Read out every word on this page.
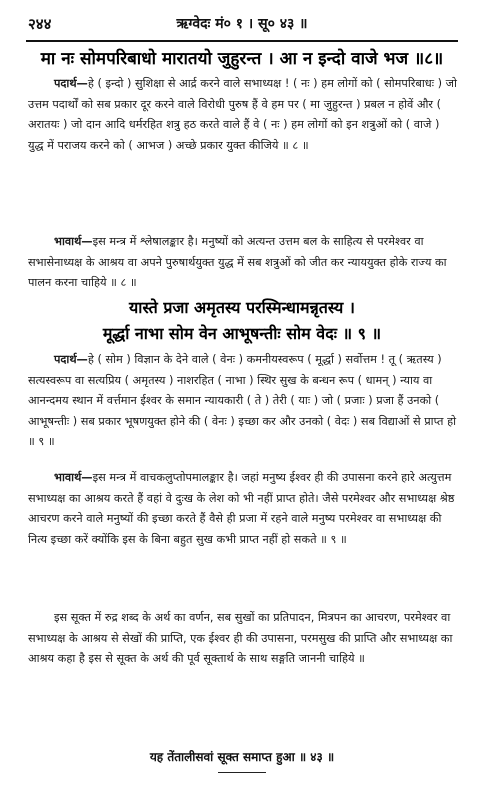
२४४	ऋग्वेदः मं० १ । सू० ४३ ॥
मा नः सोमपरिबाधो मारातयो जुहुरन्त । आ न इन्दो वाजे भज ॥८॥
पदार्थ—हे ( इन्दो ) सुशिक्षा से आर्द्र करने वाले सभाध्यक्ष ! ( नः ) हम लोगों को ( सोमपरिबाधः ) जो उत्तम पदार्थों को सब प्रकार दूर करने वाले विरोधी पुरुष हैं वे हम पर ( मा जुहुरन्त ) प्रबल न होवें और ( अरातयः ) जो दान आदि धर्मरहित शत्रु हठ करते वाले हैं वे ( नः ) हम लोगों को इन शत्रुओं को ( वाजे ) युद्ध में पराजय करने को ( आभज ) अच्छे प्रकार युक्त कीजिये ॥ ८ ॥
भावार्थ—इस मन्त्र में श्लेषालङ्कार है। मनुष्यों को अत्यन्त उत्तम बल के साहित्य से परमेश्वर वा सभासेनाध्यक्ष के आश्रय वा अपने पुरुषार्थयुक्त युद्ध में सब शत्रुओं को जीत कर न्याययुक्त होके राज्य का पालन करना चाहिये ॥ ८ ॥
यास्ते प्रजा अमृतस्य परस्मिन्धामन्नृतस्य ।
मूर्द्धा नाभा सोम वेन आभूषन्तीः सोम वेदः ॥ ९ ॥
पदार्थ—हे ( सोम ) विज्ञान के देने वाले ( वेनः ) कमनीयस्वरूप ( मूर्द्धा ) सर्वोत्तम ! तू ( ऋतस्य ) सत्यस्वरूप वा सत्यप्रिय ( अमृतस्य ) नाशरहित ( नाभा ) स्थिर सुख के बन्धन रूप ( धामन् ) न्याय वा आनन्दमय स्थान में वर्त्तमान ईश्वर के समान न्यायकारी ( ते ) तेरी ( याः ) जो ( प्रजाः ) प्रजा हैं उनको ( आभूषन्तीः ) सब प्रकार भूषणयुक्त होने की ( वेनः ) इच्छा कर और उनको ( वेदः ) सब विद्याओं से प्राप्त हो ॥ ९ ॥
भावार्थ—इस मन्त्र में वाचकलुप्तोपमालङ्कार है। जहां मनुष्य ईश्वर ही की उपासना करने हारे अत्युत्तम सभाध्यक्ष का आश्रय करते हैं वहां वे दुःख के लेश को भी नहीं प्राप्त होते। जैसे परमेश्वर और सभाध्यक्ष श्रेष्ठ आचरण करने वाले मनुष्यों की इच्छा करते हैं वैसे ही प्रजा में रहने वाले मनुष्य परमेश्वर वा सभाध्यक्ष की नित्य इच्छा करें क्योंकि इस के बिना बहुत सुख कभी प्राप्त नहीं हो सकते ॥ ९ ॥
इस सूक्त में रुद्र शब्द के अर्थ का वर्णन, सब सुखों का प्रतिपादन, मित्रपन का आचरण, परमेश्वर वा सभाध्यक्ष के आश्रय से सेखों की प्राप्ति, एक ईश्वर ही की उपासना, परमसुख की प्राप्ति और सभाध्यक्ष का आश्रय कहा है इस से सूक्त के अर्थ की पूर्व सूक्तार्थ के साथ सङ्गति जाननी चाहिये ॥
यह तेंतालीसवां सूक्त समाप्त हुआ ॥ ४३ ॥
